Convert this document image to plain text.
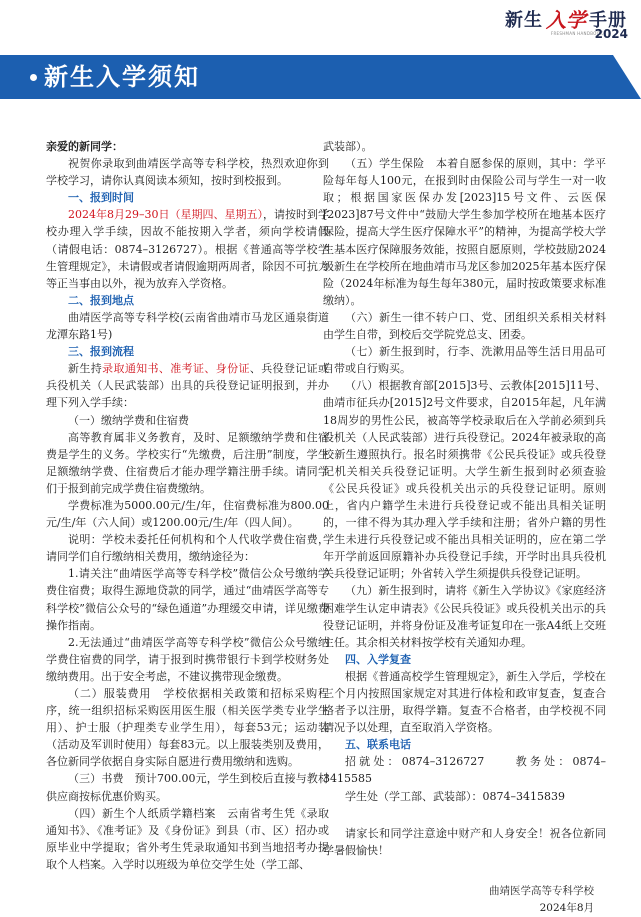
新生 入学 手册
FRESHMAN HANDBOOK
2024
新生入学须知
亲爱的新同学：
祝贺你录取到曲靖医学高等专科学校，热烈欢迎你到学校学习，请你认真阅读本须知，按时到校报到。
一、报到时间
2024年8月29–30日（星期四、星期五），请按时到学校办理入学手续，因故不能按期入学者，须向学校请假（请假电话：0874–3126727）。根据《普通高等学校学生管理规定》，未请假或者请假逾期两周者，除因不可抗力等正当事由以外，视为放弃入学资格。
二、报到地点
曲靖医学高等专科学校(云南省曲靖市马龙区通泉街道龙潭东路1号)
三、报到流程
新生持录取通知书、准考证、身份证、兵役登记证或兵役机关（人民武装部）出具的兵役登记证明报到，并办理下列入学手续：
（一）缴纳学费和住宿费
高等教育属非义务教育，及时、足额缴纳学费和住宿费是学生的义务。学校实行“先缴费，后注册”制度，学生足额缴纳学费、住宿费后才能办理学籍注册手续。请同学们于报到前完成学费住宿费缴纳。
学费标准为5000.00元/生/年，住宿费标准为800.00元/生/年（六人间）或1200.00元/生/年（四人间）。
说明：学校未委托任何机构和个人代收学费住宿费，请同学们自行缴纳相关费用，缴纳途径为：
1.请关注“曲靖医学高等专科学校”微信公众号缴纳学费住宿费；取得生源地贷款的同学，通过“曲靖医学高等专科学校”微信公众号的“绿色通道”办理缓交申请，详见缴费操作指南。
2.无法通过“曲靖医学高等专科学校”微信公众号缴纳学费住宿费的同学，请于报到时携带银行卡到学校财务处缴纳费用。出于安全考虑，不建议携带现金缴费。
（二）服装费用　学校依据相关政策和招标采购程序，统一组织招标采购医用医生服（相关医学类专业学生用）、护士服（护理类专业学生用），每套53元；运动装（活动及军训时使用）每套83元。以上服装类别及费用，各位新同学依据自身实际自愿进行费用缴纳和选购。
（三）书费　预计700.00元，学生到校后直接与教材供应商按标优惠价购买。
（四）新生个人纸质学籍档案　云南省考生凭《录取通知书》、《准考证》及《身份证》到县（市、区）招办或原毕业中学提取；省外考生凭录取通知书到当地招考办提取个人档案。入学时以班级为单位交学生处（学工部、
武装部）。
（五）学生保险　本着自愿参保的原则，其中：学平险每年每人100元，在报到时由保险公司与学生一对一收取；根据国家医保办发[2023]15号文件、云医保[2023]87号文件中“鼓励大学生参加学校所在地基本医疗保险，提高大学生医疗保障水平”的精神，为提高学校大学生基本医疗保障服务效能，按照自愿原则，学校鼓励2024级新生在学校所在地曲靖市马龙区参加2025年基本医疗保险（2024年标准为每生每年380元，届时按政策要求标准缴纳）。
（六）新生一律不转户口、党、团组织关系相关材料由学生自带，到校后交学院党总支、团委。
（七）新生报到时，行李、洗漱用品等生活日用品可自带或自行购买。
（八）根据教育部[2015]3号、云教体[2015]11号、曲靖市征兵办[2015]2号文件要求，自2015年起，凡年满18周岁的男性公民，被高等学校录取后在入学前必须到兵役机关（人民武装部）进行兵役登记。2024年被录取的高校新生遵照执行。报名时须携带《公民兵役证》或兵役登记机关相关兵役登记证明。大学生新生报到时必须查验《公民兵役证》或兵役机关出示的兵役登记证明。原则上，省内户籍学生未进行兵役登记或不能出具相关证明的，一律不得为其办理入学手续和注册；省外户籍的男性学生未进行兵役登记或不能出具相关证明的，应在第二学年开学前返回原籍补办兵役登记手续，开学时出具兵役机关兵役登记证明；外省转入学生须提供兵役登记证明。
（九）新生报到时，请将《新生入学协议》《家庭经济困难学生认定申请表》《公民兵役证》或兵役机关出示的兵役登记证明，并将身份证及准考证复印在一张A4纸上交班主任。其余相关材料按学校有关通知办理。
四、入学复查
根据《普通高校学生管理规定》，新生入学后，学校在三个月内按照国家规定对其进行体检和政审复查，复查合格者予以注册，取得学籍。复查不合格者，由学校视不同情况予以处理，直至取消入学资格。
五、联系电话
招就处：0874–3126727　　教务处：0874–3415585
学生处（学工部、武装部）：0874–3415839
请家长和同学注意途中财产和人身安全！祝各位新同学暑假愉快！
曲靖医学高等专科学校
2024年8月
